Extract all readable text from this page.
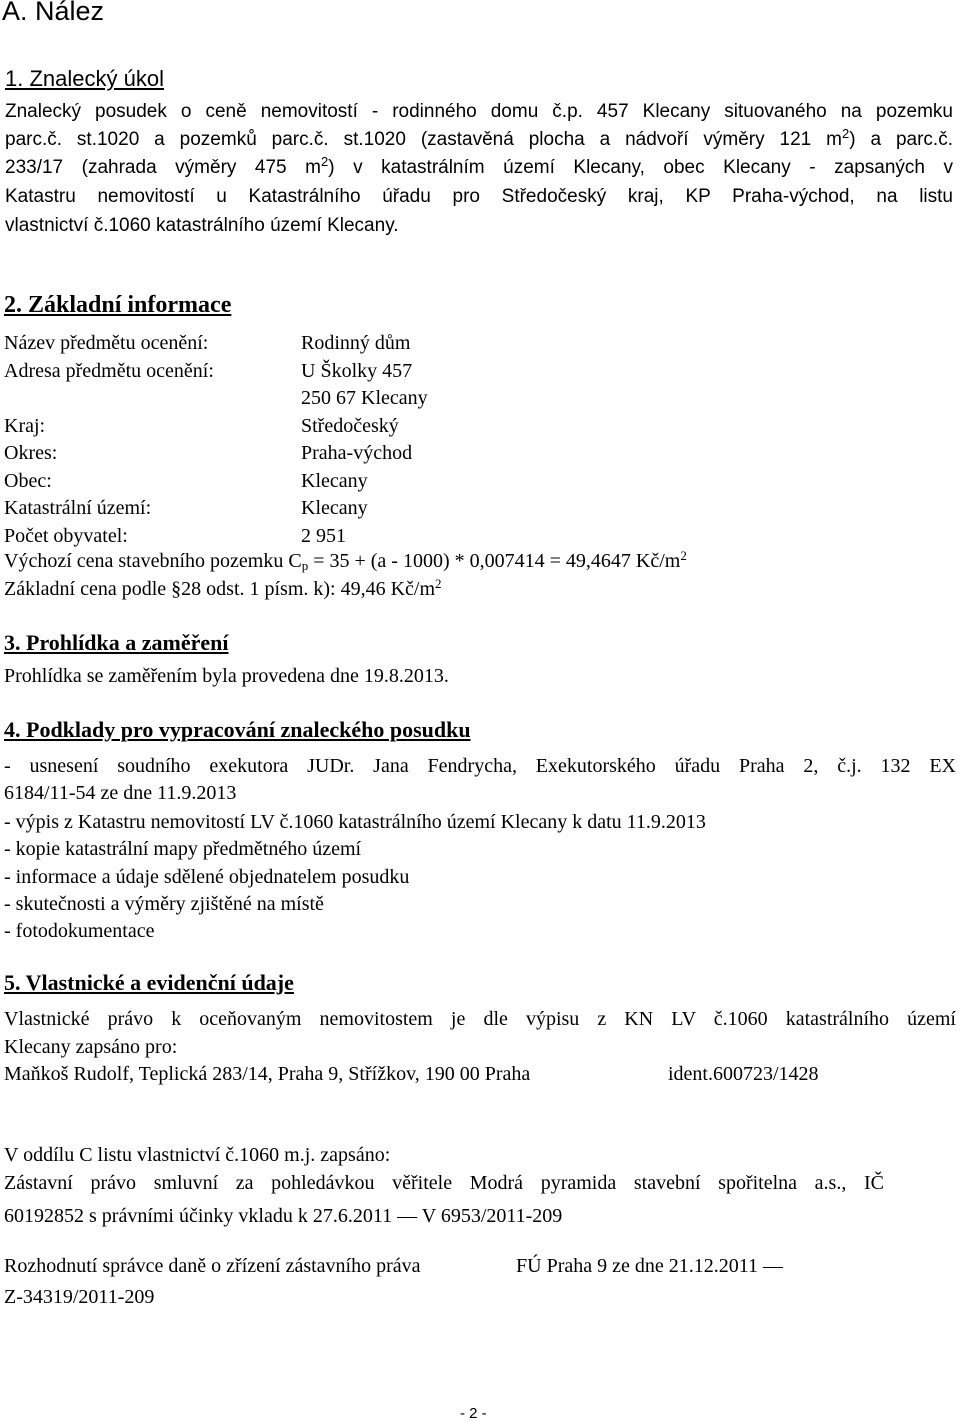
A. Nález
1. Znalecký úkol
Znalecký posudek o ceně nemovitostí - rodinného domu č.p. 457 Klecany situovaného na pozemku
parc.č. st.1020 a pozemků parc.č. st.1020 (zastavěná plocha a nádvoří výměry 121 $m^2$) a parc.č.
233/17 (zahrada výměry 475 $m^2$) v katastrálním území Klecany, obec Klecany - zapsaných v
Katastru nemovitostí u Katastrálního úřadu pro Středočeský kraj, KP Praha-východ, na listu
vlastnictví č.1060 katastrálního území Klecany.
2. Základní informace
Název předmětu ocenění:
Adresa předmětu ocenění:
Kraj:
Okres:
Obec:
Katastrální území:
Počet obyvatel:
Rodinný dům
U Školky 457
250 67 Klecany
Středočeský
Praha-východ
Klecany
Klecany
2 951
Výchozí cena stavebního pozemku $C_p = 35 + (a - 1000) * 0,007414 = 49,4647$ $Kč/m^2$
Základní cena podle §28 odst. 1 písm. k): 49,46 $Kč/m^2$
3. Prohlídka a zaměření
Prohlídka se zaměřením byla provedena dne 19.8.2013.
4. Podklady pro vypracování znaleckého posudku
- usnesení soudního exekutora JUDr. Jana Fendrycha, Exekutorského úřadu Praha 2, č.j. 132 EX
6184/11-54 ze dne 11.9.2013
- výpis z Katastru nemovitostí LV č.1060 katastrálního území Klecany k datu 11.9.2013
- kopie katastrální mapy předmětného území
- informace a údaje sdělené objednatelem posudku
- skutečnosti a výměry zjištěné na místě
- fotodokumentace
5. Vlastnické a evidenční údaje
Vlastnické právo k oceňovaným nemovitostem je dle výpisu z KN LV č.1060 katastrálního území
Klecany zapsáno pro:
Maňkoš Rudolf, Teplická 283/14, Praha 9, Střížkov, 190 00 Praha	ident.600723/1428
V oddílu C listu vlastnictví č.1060 m.j. zapsáno:
Zástavní právo smluvní za pohledávkou věřitele Modrá pyramida stavební spořitelna a.s., IČ
60192852 s právními účinky vkladu k 27.6.2011 — V 6953/2011-209
Rozhodnutí správce daně o zřízení zástavního práva	FÚ Praha 9 ze dne 21.12.2011 —
Z-34319/2011-209
- 2 -
